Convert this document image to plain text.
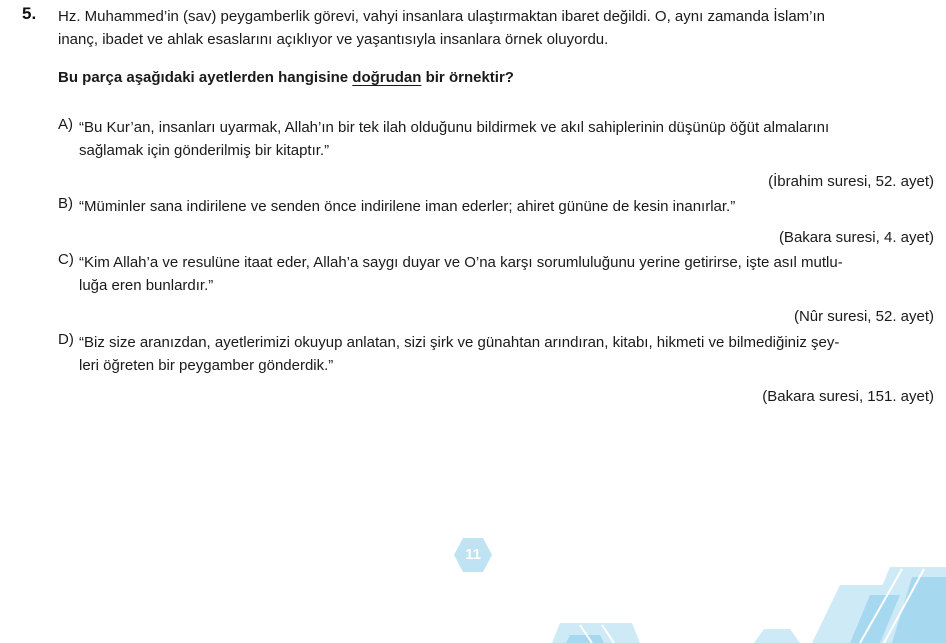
5. Hz. Muhammed’in (sav) peygamberlik görevi, vahyi insanlara ulaştırmaktan ibaret değildi. O, aynı zamanda İslam’ın
inanç, ibadet ve ahlak esaslarını açıklıyor ve yaşantısıyla insanlara örnek oluyordu.
Bu parça aşağıdaki ayetlerden hangisine doğrudan bir örnektir?
A) “Bu Kur’an, insanları uyarmak, Allah’ın bir tek ilah olduğunu bildirmek ve akıl sahiplerinin düşünüp öğüt almalarını
sağlamak için gönderilmiş bir kitaptır.”
(İbrahim suresi, 52. ayet)
B) “Müminler sana indirilene ve senden önce indirilene iman ederler; ahiret gününe de kesin inanırlar.”
(Bakara suresi, 4. ayet)
C) “Kim Allah’a ve resulüne itaat eder, Allah’a saygı duyar ve O’na karşı sorumluluğunu yerine getirirse, işte asıl mutlu-
luğa eren bunlardır.”
(Nûr suresi, 52. ayet)
D) “Biz size aranızdan, ayetlerimizi okuyup anlatan, sizi şirk ve günahtan arındıran, kitabı, hikmeti ve bilmediğiniz şey-
leri öğreten bir peygamber gönderdik.”
(Bakara suresi, 151. ayet)
11
